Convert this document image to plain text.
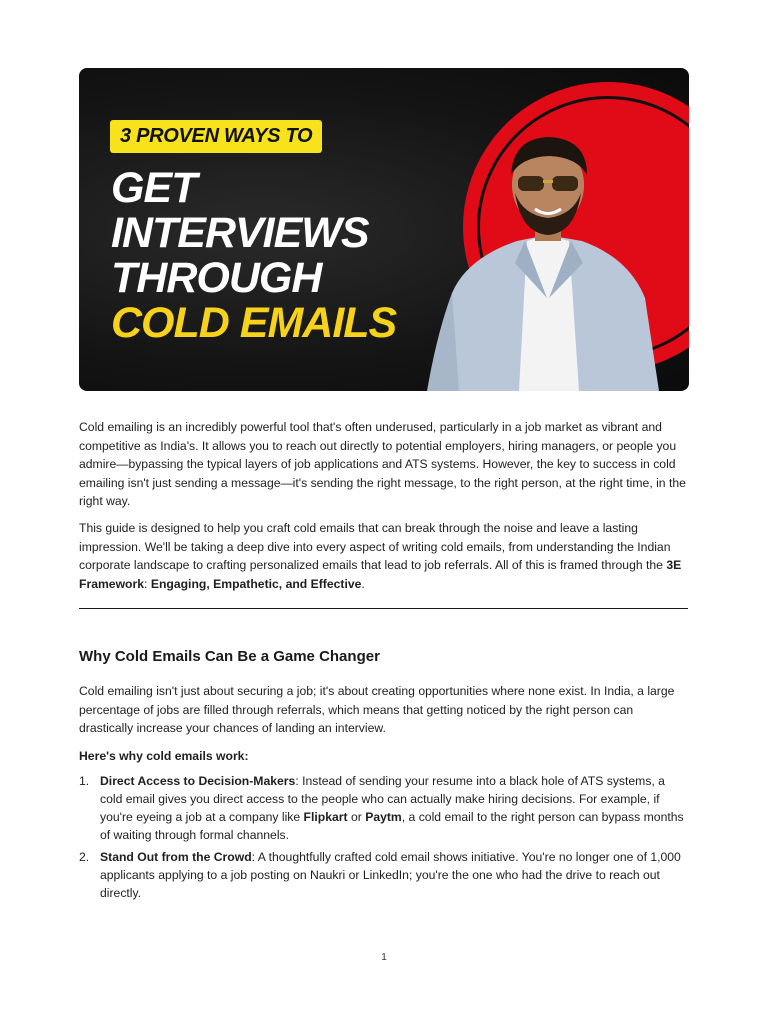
3 PROVEN WAYS TO
GET
INTERVIEWS
THROUGH
COLD EMAILS

Cold emailing is an incredibly powerful tool that's often underused, particularly in a job market as vibrant and competitive as India's. It allows you to reach out directly to potential employers, hiring managers, or people you admire—bypassing the typical layers of job applications and ATS systems. However, the key to success in cold emailing isn't just sending a message—it's sending the right message, to the right person, at the right time, in the right way.

This guide is designed to help you craft cold emails that can break through the noise and leave a lasting impression. We'll be taking a deep dive into every aspect of writing cold emails, from understanding the Indian corporate landscape to crafting personalized emails that lead to job referrals. All of this is framed through the 3E Framework: Engaging, Empathetic, and Effective.

Why Cold Emails Can Be a Game Changer

Cold emailing isn't just about securing a job; it's about creating opportunities where none exist. In India, a large percentage of jobs are filled through referrals, which means that getting noticed by the right person can drastically increase your chances of landing an interview.

Here's why cold emails work:

1. Direct Access to Decision-Makers: Instead of sending your resume into a black hole of ATS systems, a cold email gives you direct access to the people who can actually make hiring decisions. For example, if you're eyeing a job at a company like Flipkart or Paytm, a cold email to the right person can bypass months of waiting through formal channels.
2. Stand Out from the Crowd: A thoughtfully crafted cold email shows initiative. You're no longer one of 1,000 applicants applying to a job posting on Naukri or LinkedIn; you're the one who had the drive to reach out directly.
1
